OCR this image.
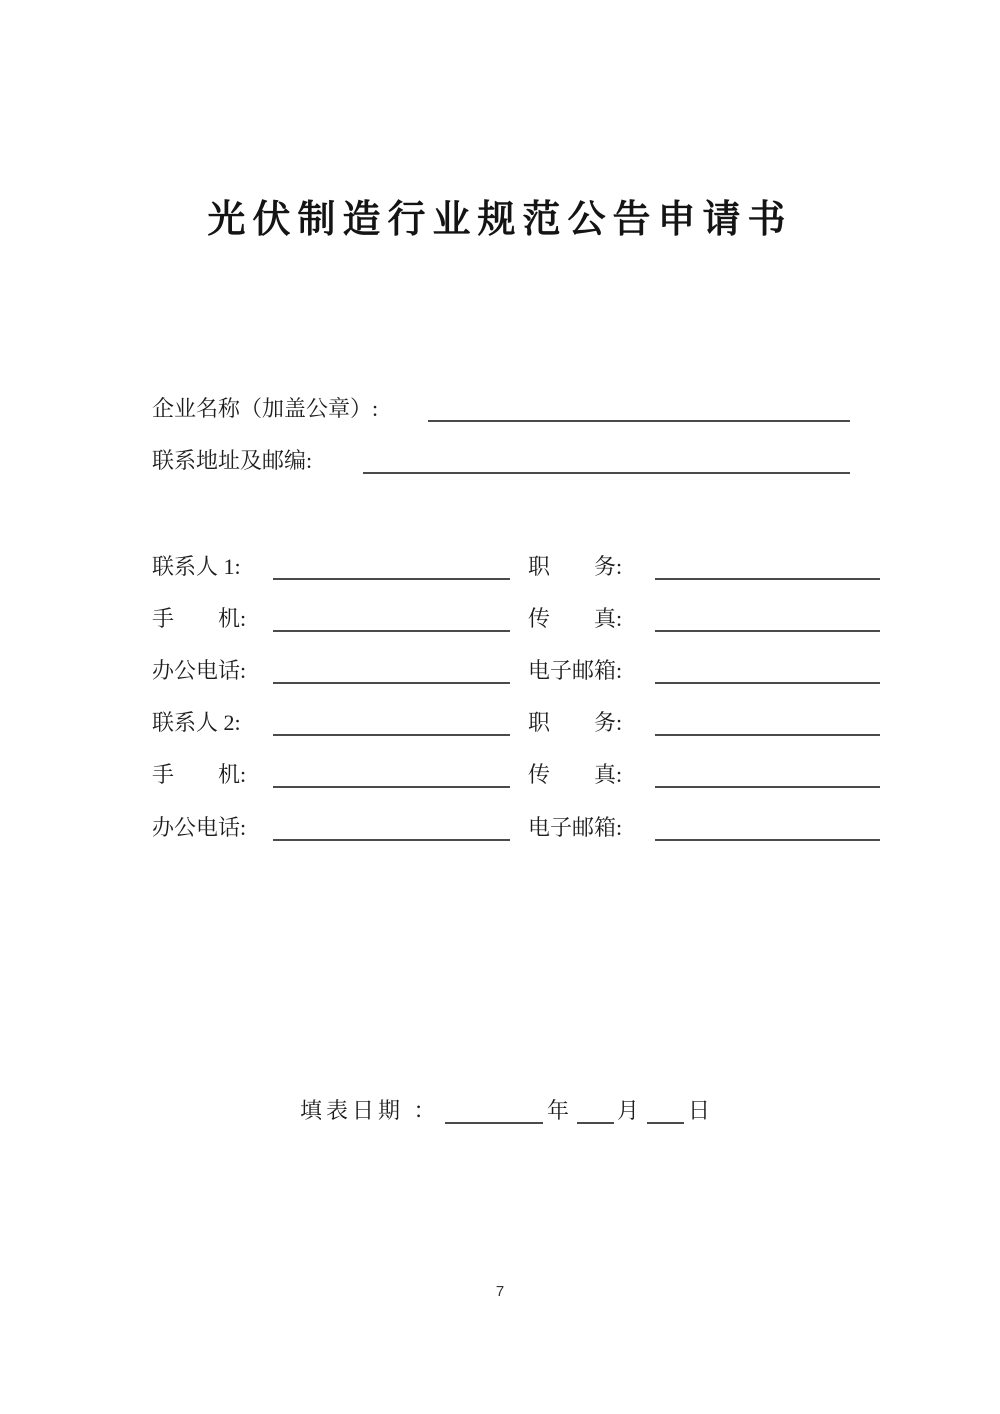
光伏制造行业规范公告申请书
企业名称（加盖公章）:
联系地址及邮编:
联系人 1:	职　　务:
手　　机:	传　　真:
办公电话:	电子邮箱:
联系人 2:	职　　务:
手　　机:	传　　真:
办公电话:	电子邮箱:
填表日期 ：	年 月 日
7
